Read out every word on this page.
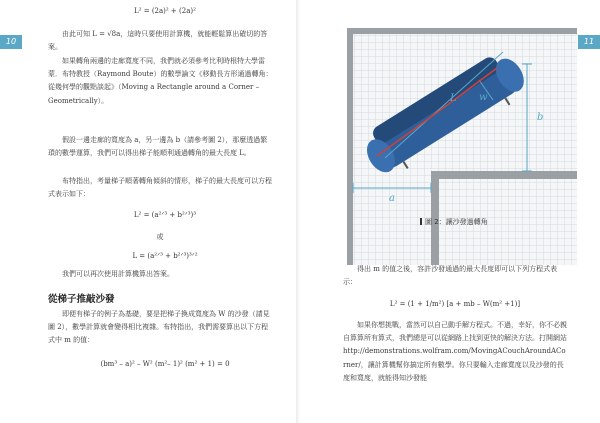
10
L² = (2a)² + (2a)²
由此可知 L = √8a，這時只要使用計算機，就能輕鬆算出確切的答案。
如果轉角兩邊的走廊寬度不同，我們就必須參考比利時根特大學雷蒙．布特教授（Raymond Boute）的數學論文《移動長方形通過轉角：從幾何學的觀點談起》（Moving a Rectangle around a Corner – Geometrically）。
假設一邊走廊的寬度為 a，另一邊為 b（請參考圖 2），那麼透過繁瑣的數學運算，我們可以得出梯子能順利通過轉角的最大長度 L。
布特指出，考量梯子順著轉角傾斜的情形，梯子的最大長度可以方程式表示如下：
L² = (a²ᐟ³ + b²ᐟ³)³
或
L = (a²ᐟ³ + b²ᐟ³)³ᐟ²
我們可以再次使用計算機算出答案。
從梯子推敲沙發
即便有梯子的例子為基礎，要是把梯子換成寬度為 W 的沙發（請見圖 2），數學計算就會變得相比複雜。布特指出，我們需要算出以下方程式中 m 的值：
(bm³ – a)² – W² (m²– 1)² (m² + 1) = 0
11
b
a
w
L
圖 2：讓沙發過轉角
得出 m 的值之後，容許沙發通過的最大長度即可以下列方程式表示：
L² = (1 + 1/m²) [a + mb – W(m² +1)]
如果你想挑戰，當然可以自己動手解方程式。不過，幸好，你不必親自算算所有算式，我們總是可以從網路上找到更快的解決方法。打開網站 http://demonstrations.wolfram.com/MovingACouchAroundACorner/，讓計算機幫你搞定所有數學。你只要輸入走廊寬度以及沙發的長度和寬度，就能得知沙發能
